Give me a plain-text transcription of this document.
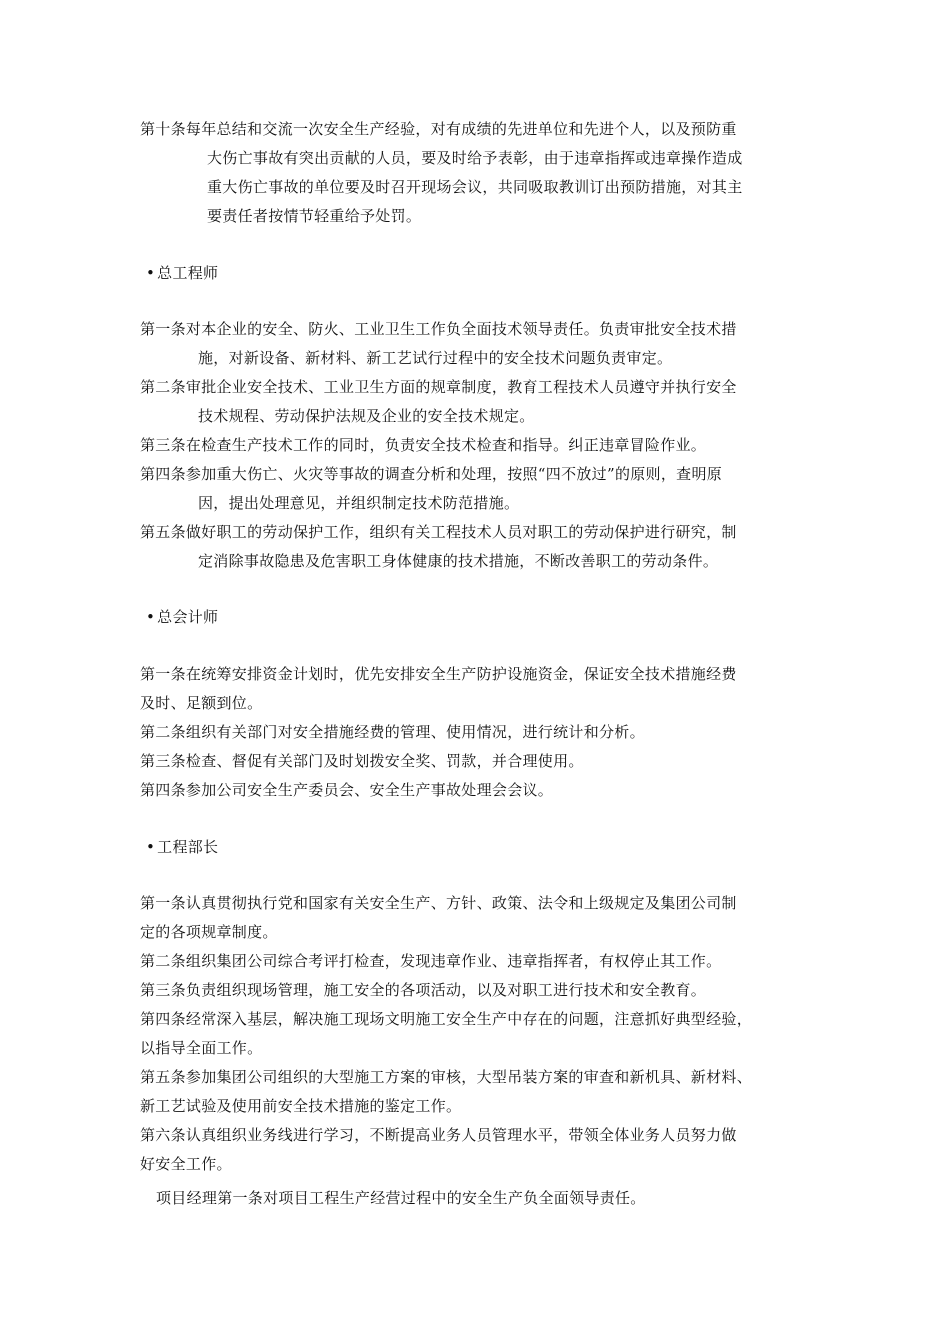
第十条每年总结和交流一次安全生产经验，对有成绩的先进单位和先进个人，以及预防重
大伤亡事故有突出贡献的人员，要及时给予表彰，由于违章指挥或违章操作造成
重大伤亡事故的单位要及时召开现场会议，共同吸取教训订出预防措施，对其主
要责任者按情节轻重给予处罚。
• 总工程师
第一条对本企业的安全、防火、工业卫生工作负全面技术领导责任。负责审批安全技术措
施，对新设备、新材料、新工艺试行过程中的安全技术问题负责审定。
第二条审批企业安全技术、工业卫生方面的规章制度，教育工程技术人员遵守并执行安全
技术规程、劳动保护法规及企业的安全技术规定。
第三条在检查生产技术工作的同时，负责安全技术检查和指导。纠正违章冒险作业。
第四条参加重大伤亡、火灾等事故的调查分析和处理，按照“四不放过”的原则，查明原
因，提出处理意见，并组织制定技术防范措施。
第五条做好职工的劳动保护工作，组织有关工程技术人员对职工的劳动保护进行研究，制
定消除事故隐患及危害职工身体健康的技术措施，不断改善职工的劳动条件。
• 总会计师
第一条在统筹安排资金计划时，优先安排安全生产防护设施资金，保证安全技术措施经费
及时、足额到位。
第二条组织有关部门对安全措施经费的管理、使用情况，进行统计和分析。
第三条检查、督促有关部门及时划拨安全奖、罚款，并合理使用。
第四条参加公司安全生产委员会、安全生产事故处理会会议。
• 工程部长
第一条认真贯彻执行党和国家有关安全生产、方针、政策、法令和上级规定及集团公司制
定的各项规章制度。
第二条组织集团公司综合考评打检查，发现违章作业、违章指挥者，有权停止其工作。
第三条负责组织现场管理，施工安全的各项活动，以及对职工进行技术和安全教育。
第四条经常深入基层，解决施工现场文明施工安全生产中存在的问题，注意抓好典型经验，
以指导全面工作。
第五条参加集团公司组织的大型施工方案的审核，大型吊装方案的审查和新机具、新材料、
新工艺试验及使用前安全技术措施的鉴定工作。
第六条认真组织业务线进行学习，不断提高业务人员管理水平，带领全体业务人员努力做
好安全工作。
项目经理第一条对项目工程生产经营过程中的安全生产负全面领导责任。
